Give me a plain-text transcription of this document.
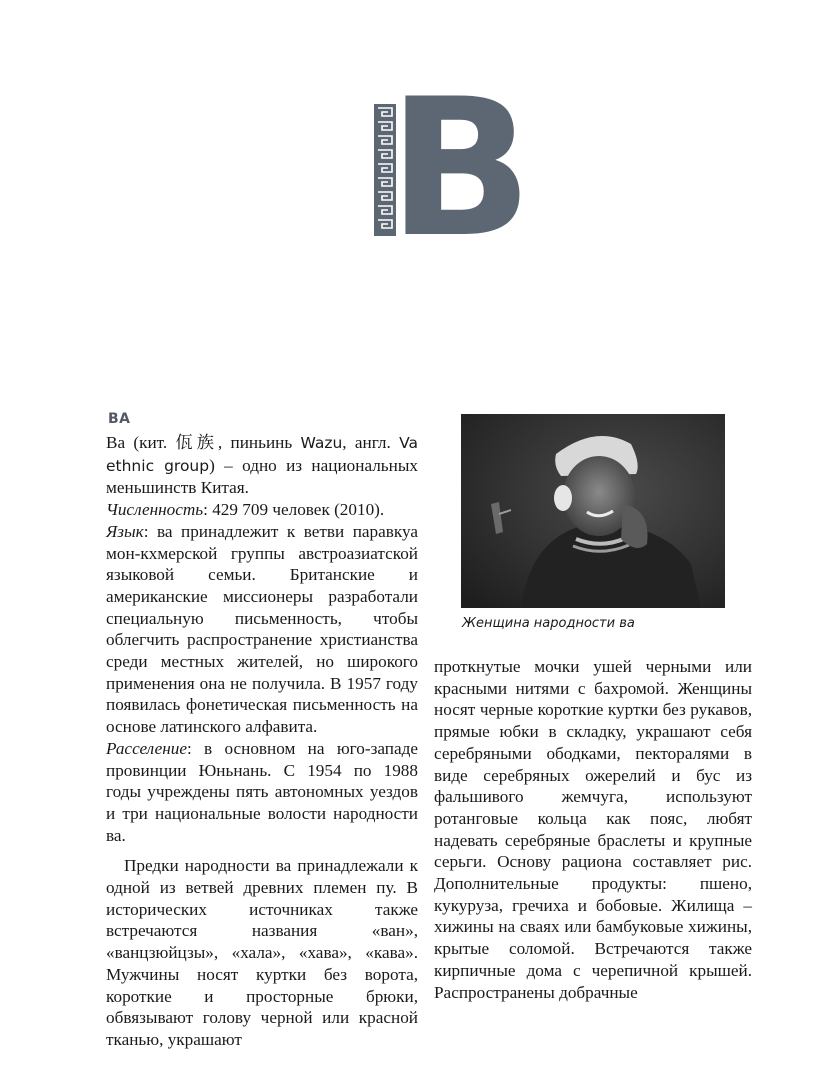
В
ВА

Ва (кит. 佤族, пиньинь Wazu, англ. Va ethnic group) – одно из национальных меньшинств Китая.

Численность: 429 709 человек (2010).

Язык: ва принадлежит к ветви паравкуа мон-кхмерской группы австроазиатской языковой семьи. Британские и американские миссионеры разработали специальную письменность, чтобы облегчить распространение христианства среди местных жителей, но широкого применения она не получила. В 1957 году появилась фонетическая письменность на основе латинского алфавита.

Расселение: в основном на юго-западе провинции Юньнань. С 1954 по 1988 годы учреждены пять автономных уездов и три национальные волости народности ва.

Предки народности ва принадлежали к одной из ветвей древних племен пу. В исторических источниках также встречаются названия «ван», «ванцзюйцзы», «хала», «хава», «кава». Мужчины носят куртки без ворота, короткие и просторные брюки, обвязывают голову черной или красной тканью, украшают

Женщина народности ва

проткнутые мочки ушей черными или красными нитями с бахромой. Женщины носят черные короткие куртки без рукавов, прямые юбки в складку, украшают себя серебряными ободками, пекторалями в виде серебряных ожерелий и бус из фальшивого жемчуга, используют ротанговые кольца как пояс, любят надевать серебряные браслеты и крупные серьги. Основу рациона составляет рис. Дополнительные продукты: пшено, кукуруза, гречиха и бобовые. Жилища – хижины на сваях или бамбуковые хижины, крытые соломой. Встречаются также кирпичные дома с черепичной крышей. Распространены добрачные
